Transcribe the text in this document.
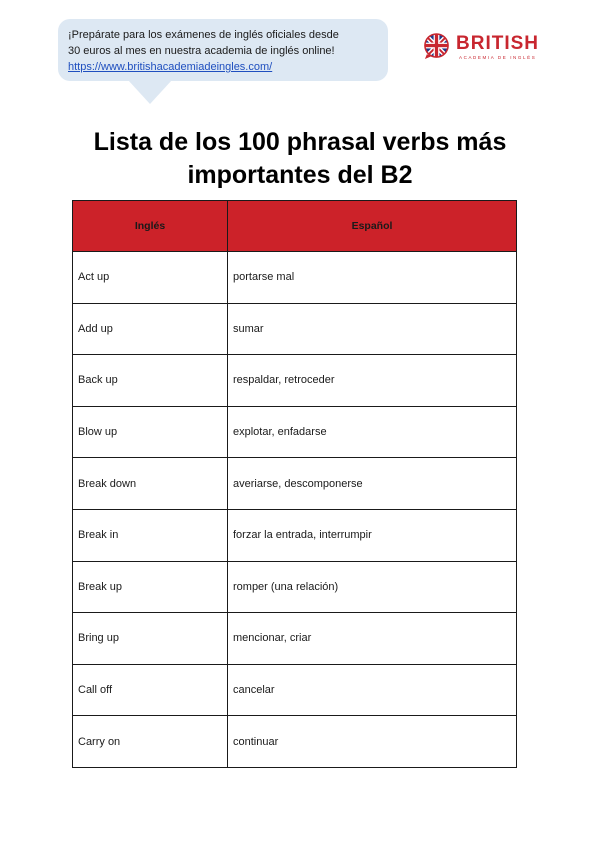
¡Prepárate para los exámenes de inglés oficiales desde
30 euros al mes en nuestra academia de inglés online!
https://www.britishacademiadeingles.com/
BRITISH
ACADEMIA DE INGLÉS
Lista de los 100 phrasal verbs más
importantes del B2
Inglés	Español
Act up	portarse mal
Add up	sumar
Back up	respaldar, retroceder
Blow up	explotar, enfadarse
Break down	averiarse, descomponerse
Break in	forzar la entrada, interrumpir
Break up	romper (una relación)
Bring up	mencionar, criar
Call off	cancelar
Carry on	continuar
